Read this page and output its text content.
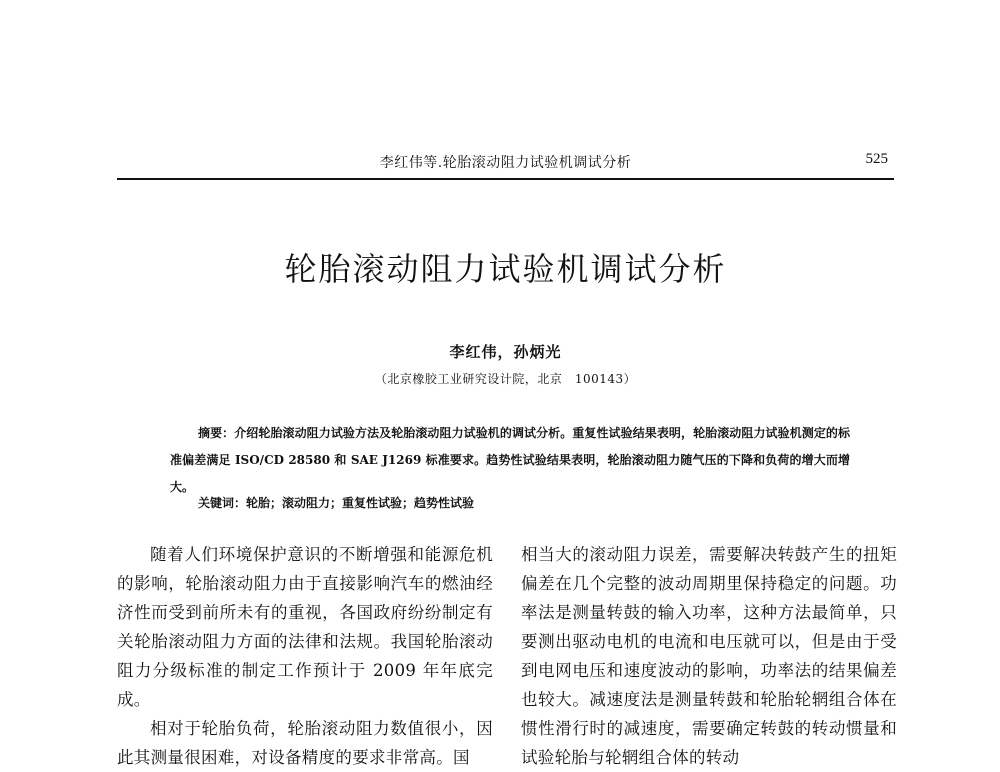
李红伟等.轮胎滚动阻力试验机调试分析	525
轮胎滚动阻力试验机调试分析
李红伟，孙炳光
（北京橡胶工业研究设计院，北京　100143）
摘要：介绍轮胎滚动阻力试验方法及轮胎滚动阻力试验机的调试分析。重复性试验结果表明，轮胎滚动阻力试验机测定的标准偏差满足 ISO/CD 28580 和 SAE J1269 标准要求。趋势性试验结果表明，轮胎滚动阻力随气压的下降和负荷的增大而增大。
关键词：轮胎；滚动阻力；重复性试验；趋势性试验

随着人们环境保护意识的不断增强和能源危机的影响，轮胎滚动阻力由于直接影响汽车的燃油经济性而受到前所未有的重视，各国政府纷纷制定有关轮胎滚动阻力方面的法律和法规。我国轮胎滚动阻力分级标准的制定工作预计于 2009 年年底完成。

相对于轮胎负荷，轮胎滚动阻力数值很小，因此其测量很困难，对设备精度的要求非常高。国

相当大的滚动阻力误差，需要解决转鼓产生的扭矩偏差在几个完整的波动周期里保持稳定的问题。功率法是测量转鼓的输入功率，这种方法最简单，只要测出驱动电机的电流和电压就可以，但是由于受到电网电压和速度波动的影响，功率法的结果偏差也较大。减速度法是测量转鼓和轮胎轮辋组合体在惯性滑行时的减速度，需要确定转鼓的转动惯量和试验轮胎与轮辋组合体的转动
